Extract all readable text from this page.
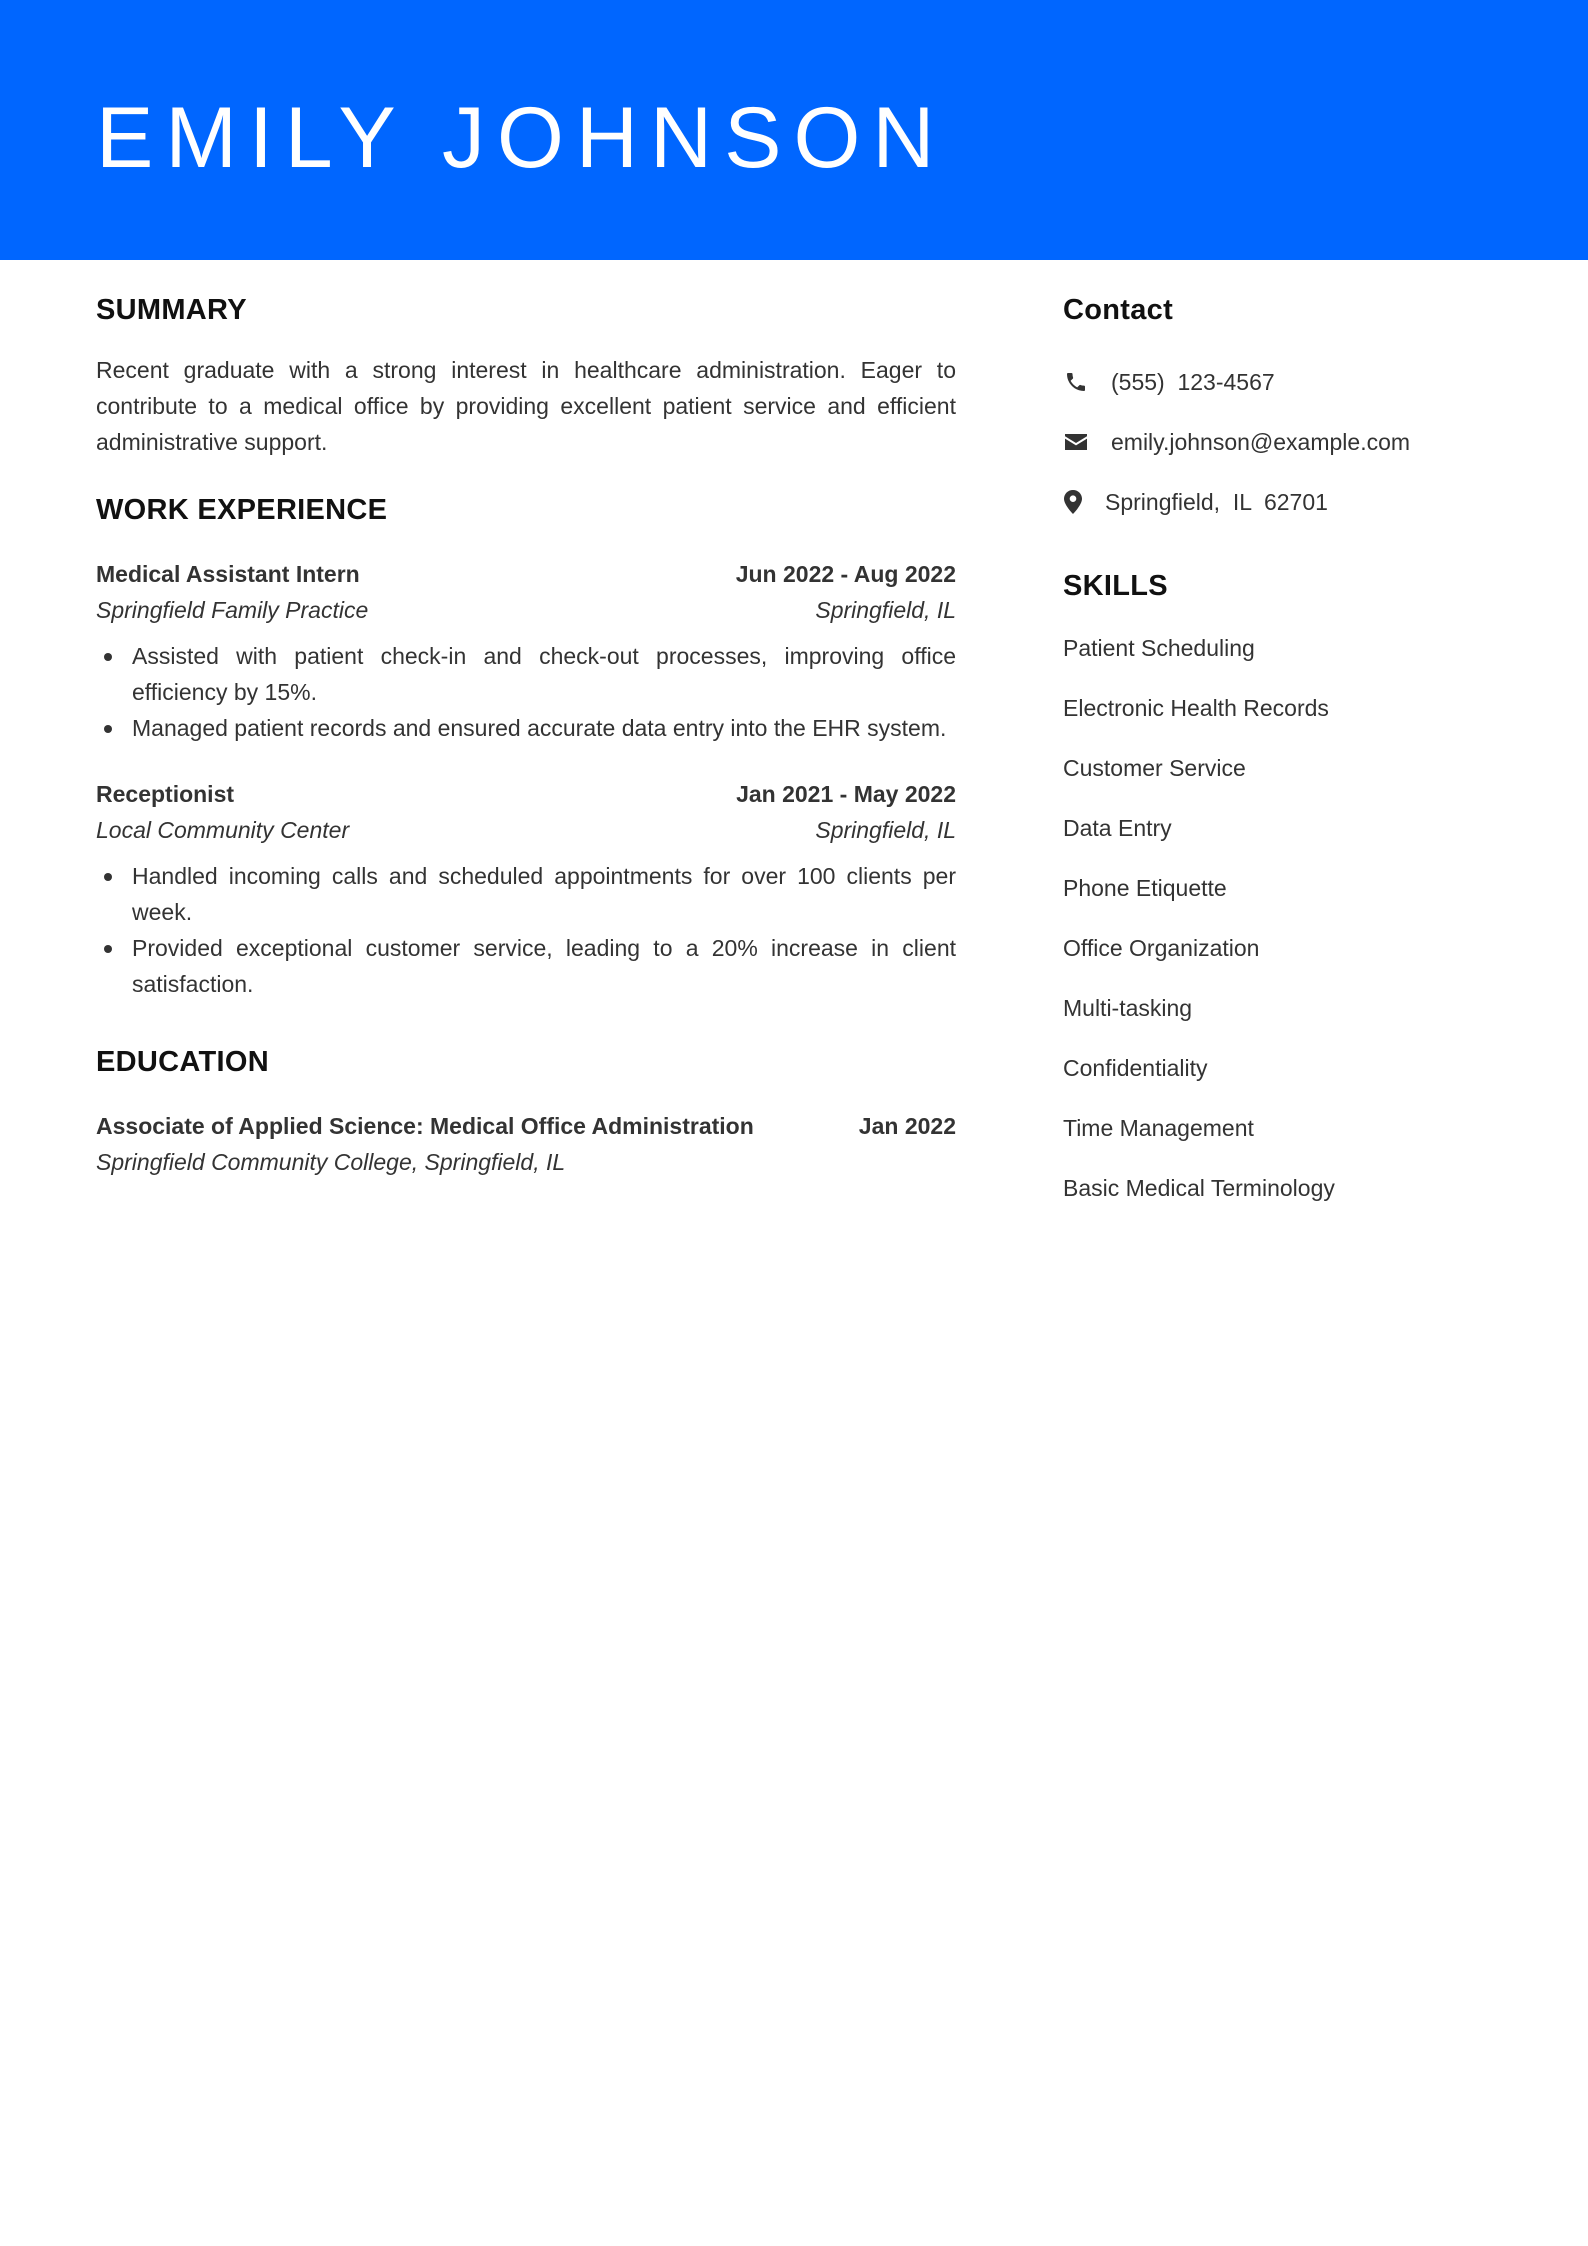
EMILY JOHNSON
SUMMARY

Recent graduate with a strong interest in healthcare administration. Eager to contribute to a medical office by providing excellent patient service and efficient administrative support.

WORK EXPERIENCE
Medical Assistant Intern	Jun 2022 - Aug 2022
Springfield Family Practice	Springfield, IL
Assisted with patient check-in and check-out processes, improving office efficiency by 15%.
Managed patient records and ensured accurate data entry into the EHR system.
Receptionist	Jan 2021 - May 2022
Local Community Center	Springfield, IL
Handled incoming calls and scheduled appointments for over 100 clients per week.
Provided exceptional customer service, leading to a 20% increase in client satisfaction.
EDUCATION
Associate of Applied Science: Medical Office Administration	Jan 2022
Springfield Community College, Springfield, IL
Contact
(555)  123-4567
emily.johnson@example.com
Springfield,  IL  62701
SKILLS
Patient Scheduling
Electronic Health Records
Customer Service
Data Entry
Phone Etiquette
Office Organization
Multi-tasking
Confidentiality
Time Management
Basic Medical Terminology
